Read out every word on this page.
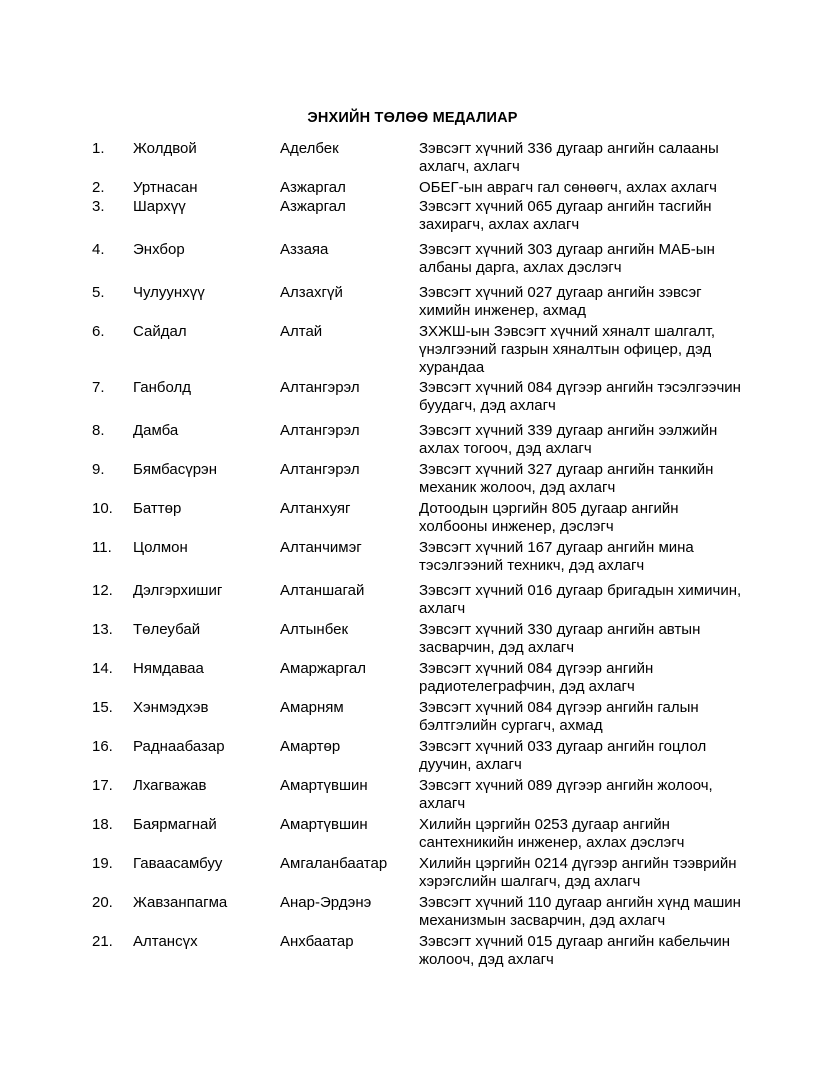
ЭНХИЙН ТӨЛӨӨ МЕДАЛИАР
1.	Жолдвой	Аделбек	Зэвсэгт хүчний 336 дугаар ангийн салааны ахлагч, ахлагч
2.	Уртнасан	Азжаргал	ОБЕГ-ын аврагч гал сөнөөгч, ахлах ахлагч
3.	Шархүү	Азжаргал	Зэвсэгт хүчний 065 дугаар ангийн тасгийн захирагч, ахлах ахлагч
4.	Энхбор	Аззаяа	Зэвсэгт хүчний 303 дугаар ангийн МАБ-ын албаны дарга, ахлах дэслэгч
5.	Чулуунхүү	Алзахгүй	Зэвсэгт хүчний 027 дугаар ангийн зэвсэг химийн инженер, ахмад
6.	Сайдал	Алтай	ЗХЖШ-ын Зэвсэгт хүчний хяналт шалгалт, үнэлгээний газрын хяналтын офицер, дэд хурандаа
7.	Ганболд	Алтангэрэл	Зэвсэгт хүчний 084 дүгээр ангийн тэсэлгээчин буудагч, дэд ахлагч
8.	Дамба	Алтангэрэл	Зэвсэгт хүчний 339 дугаар ангийн ээлжийн ахлах тогооч, дэд ахлагч
9.	Бямбасүрэн	Алтангэрэл	Зэвсэгт хүчний 327 дугаар ангийн танкийн механик жолооч, дэд ахлагч
10.	Баттөр	Алтанхуяг	Дотоодын цэргийн 805 дугаар ангийн холбооны инженер, дэслэгч
11.	Цолмон	Алтанчимэг	Зэвсэгт хүчний 167 дугаар ангийн мина тэсэлгээний техникч, дэд ахлагч
12.	Дэлгэрхишиг	Алтаншагай	Зэвсэгт хүчний 016 дугаар бригадын химичин, ахлагч
13.	Төлеубай	Алтынбек	Зэвсэгт хүчний 330 дугаар ангийн автын засварчин, дэд ахлагч
14.	Нямдаваа	Амаржаргал	Зэвсэгт хүчний 084 дүгээр ангийн радиотелеграфчин, дэд ахлагч
15.	Хэнмэдхэв	Амарням	Зэвсэгт хүчний 084 дүгээр ангийн галын бэлтгэлийн сургагч, ахмад
16.	Раднаабазар	Амартөр	Зэвсэгт хүчний 033 дугаар ангийн гоцлол дуучин, ахлагч
17.	Лхагважав	Амартүвшин	Зэвсэгт хүчний 089 дүгээр ангийн жолооч, ахлагч
18.	Баярмагнай	Амартүвшин	Хилийн цэргийн 0253 дугаар ангийн сантехникийн инженер, ахлах дэслэгч
19.	Гаваасамбуу	Амгаланбаатар	Хилийн цэргийн 0214 дүгээр ангийн тээврийн хэрэгслийн шалгагч, дэд ахлагч
20.	Жавзанпагма	Анар-Эрдэнэ	Зэвсэгт хүчний 110 дугаар ангийн хүнд машин механизмын засварчин, дэд ахлагч
21.	Алтансүх	Анхбаатар	Зэвсэгт хүчний 015 дугаар ангийн кабельчин жолооч, дэд ахлагч
